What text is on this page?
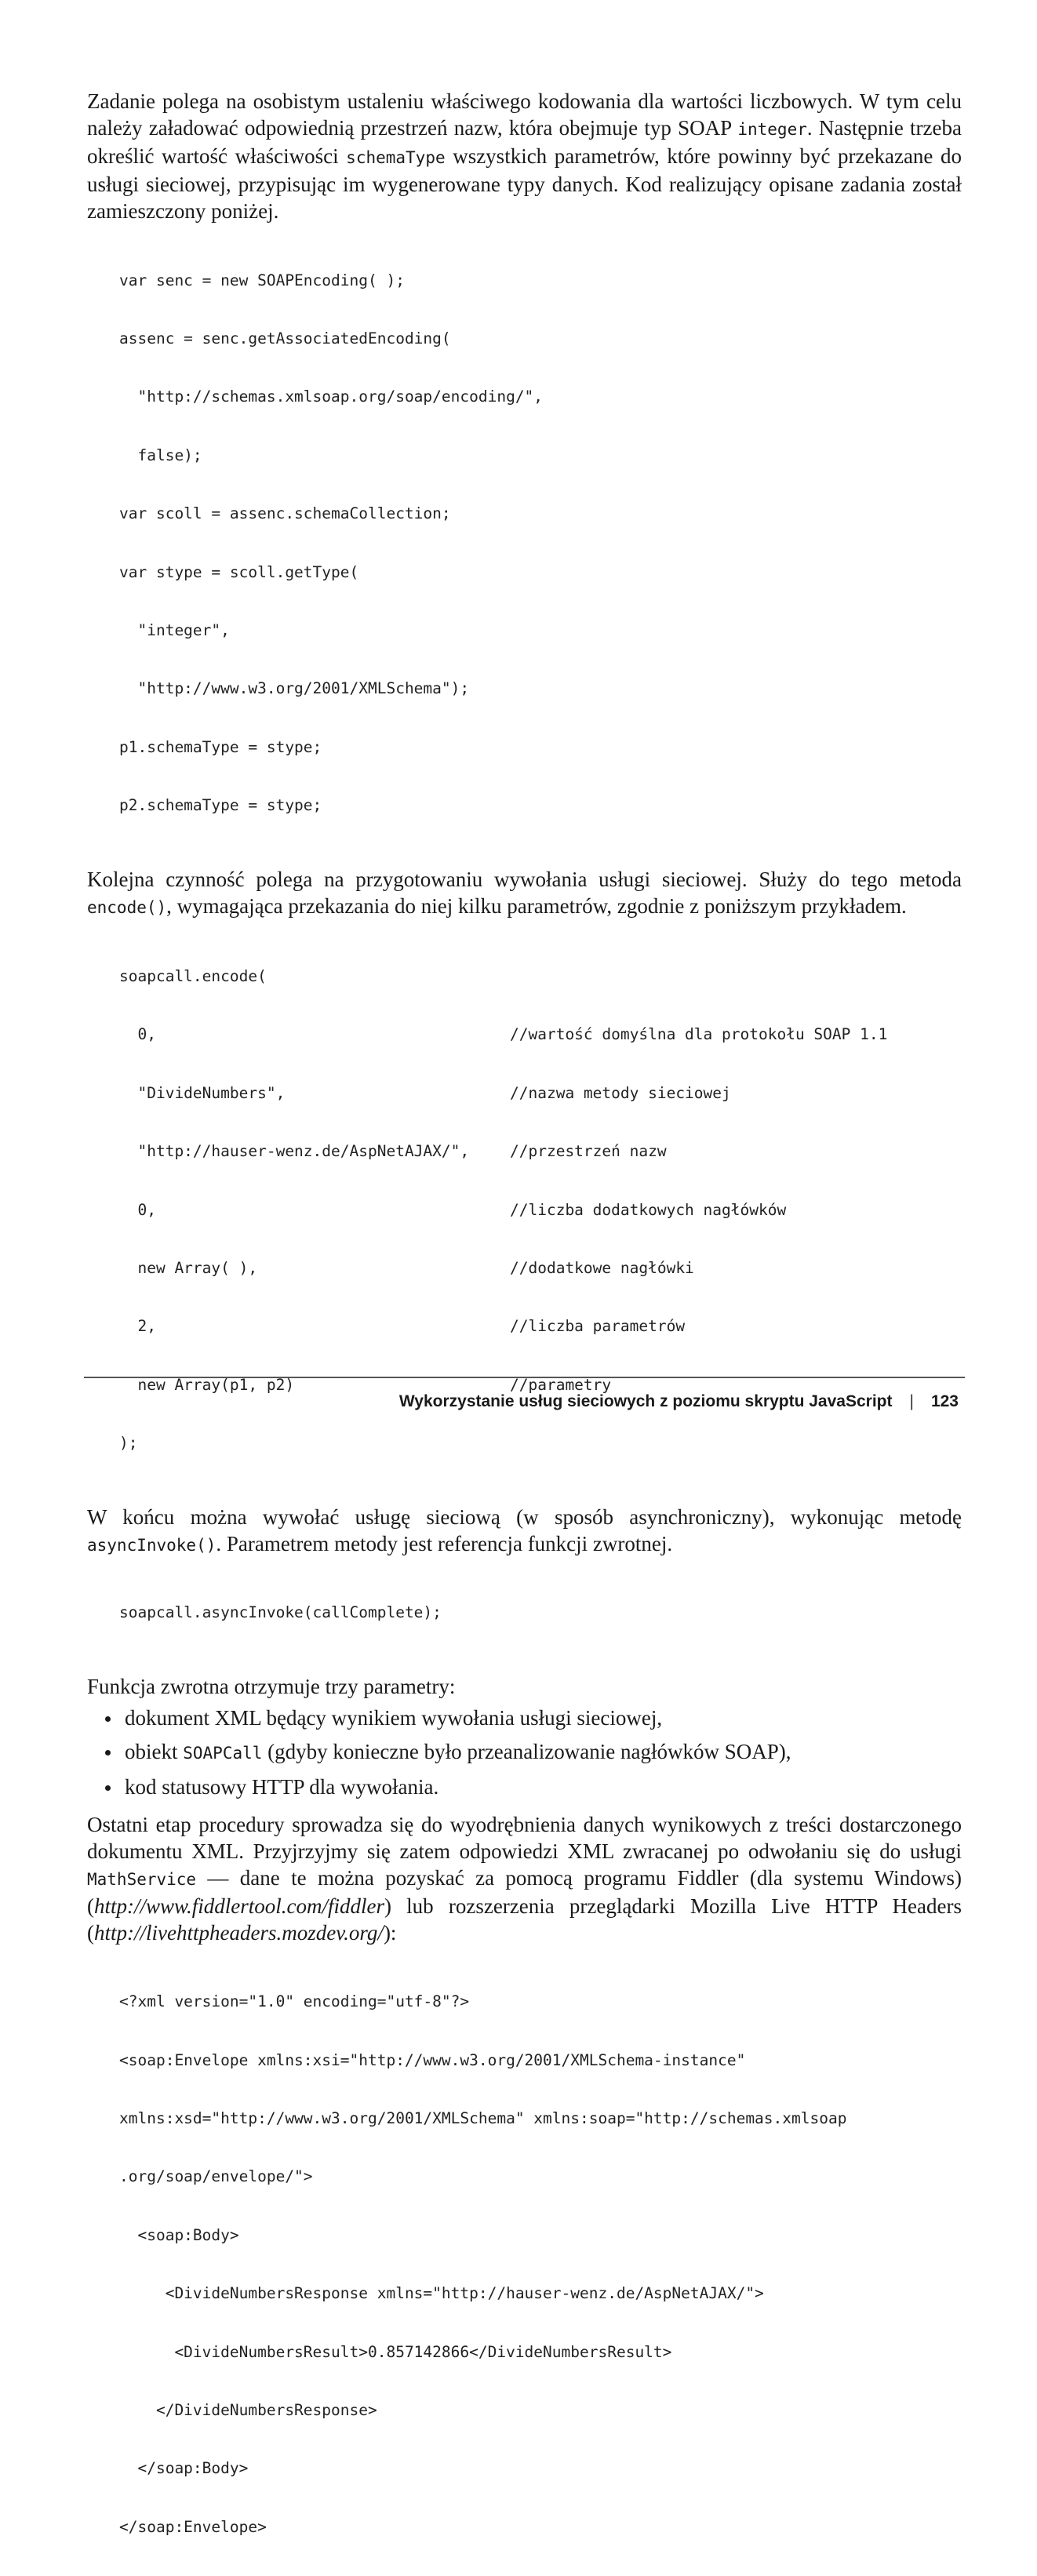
Zadanie polega na osobistym ustaleniu właściwego kodowania dla wartości liczbowych. W tym celu należy załadować odpowiednią przestrzeń nazw, która obejmuje typ SOAP integer. Następnie trzeba określić wartość właściwości schemaType wszystkich parametrów, które powinny być przekazane do usługi sieciowej, przypisując im wygenerowane typy danych. Kod realizujący opisane zadania został zamieszczony poniżej.

var senc = new SOAPEncoding( );

assenc = senc.getAssociatedEncoding(

"http://schemas.xmlsoap.org/soap/encoding/",

false);

var scoll = assenc.schemaCollection;

var stype = scoll.getType(

"integer",

"http://www.w3.org/2001/XMLSchema");

p1.schemaType = stype;

p2.schemaType = stype;

Kolejna czynność polega na przygotowaniu wywołania usługi sieciowej. Służy do tego metoda encode(), wymagająca przekazania do niej kilku parametrów, zgodnie z poniższym przykładem.

soapcall.encode(

0,	//wartość domyślna dla protokołu SOAP 1.1

"DivideNumbers",	//nazwa metody sieciowej

"http://hauser-wenz.de/AspNetAJAX/",	//przestrzeń nazw

0,	//liczba dodatkowych nagłówków

new Array( ),	//dodatkowe nagłówki

2,	//liczba parametrów

new Array(p1, p2)	//parametry

);

W końcu można wywołać usługę sieciową (w sposób asynchroniczny), wykonując metodę asyncInvoke(). Parametrem metody jest referencja funkcji zwrotnej.

soapcall.asyncInvoke(callComplete);

Funkcja zwrotna otrzymuje trzy parametry:

dokument XML będący wynikiem wywołania usługi sieciowej,
obiekt SOAPCall (gdyby konieczne było przeanalizowanie nagłówków SOAP),
kod statusowy HTTP dla wywołania.

Ostatni etap procedury sprowadza się do wyodrębnienia danych wynikowych z treści dostarczonego dokumentu XML. Przyjrzyjmy się zatem odpowiedzi XML zwracanej po odwołaniu się do usługi MathService — dane te można pozyskać za pomocą programu Fiddler (dla systemu Windows) (http://www.fiddlertool.com/fiddler) lub rozszerzenia przeglądarki Mozilla Live HTTP Headers (http://livehttpheaders.mozdev.org/):

<?xml version="1.0" encoding="utf-8"?>

<soap:Envelope xmlns:xsi="http://www.w3.org/2001/XMLSchema-instance"

xmlns:xsd="http://www.w3.org/2001/XMLSchema" xmlns:soap="http://schemas.xmlsoap

.org/soap/envelope/">

<soap:Body>

<DivideNumbersResponse xmlns="http://hauser-wenz.de/AspNetAJAX/">

<DivideNumbersResult>0.857142866</DivideNumbersResult>

</DivideNumbersResponse>

</soap:Body>

</soap:Envelope>

Wykorzystanie usług sieciowych z poziomu skryptu JavaScript | 123
